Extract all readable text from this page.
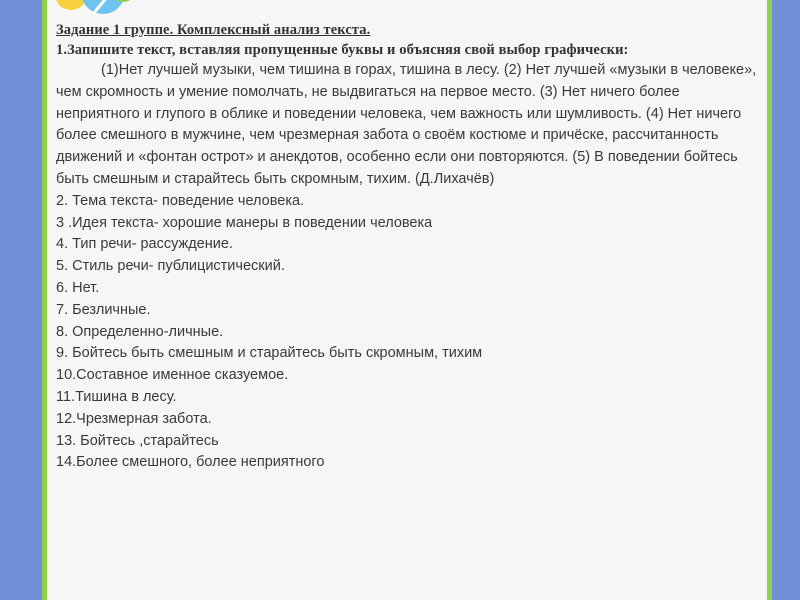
Задание 1 группе. Комплексный анализ текста.
1.Запишите текст, вставляя пропущенные буквы и объясняя свой выбор графически:

(1)Нет лучшей музыки, чем тишина в горах, тишина в лесу. (2) Нет лучшей «музыки в человеке», чем скромность и умение помолчать, не выдвигаться на первое место. (3) Нет ничего более неприятного и глупого в облике и поведении человека, чем важность или шумливость. (4) Нет ничего более смешного в мужчине, чем чрезмерная забота о своём костюме и причёске, рассчитанность движений и «фонтан острот» и анекдотов, особенно если они повторяются. (5) В поведении бойтесь быть смешным и старайтесь быть скромным, тихим. (Д.Лихачёв)

2. Тема текста- поведение человека.
3 .Идея текста- хорошие манеры в поведении человека
4. Тип речи- рассуждение.
5. Стиль речи- публицистический.
6. Нет.
7. Безличные.
8. Определенно-личные.
9. Бойтесь быть смешным и старайтесь быть скромным, тихим
10.Составное именное сказуемое.
11.Тишина в лесу.
12.Чрезмерная забота.
13. Бойтесь ,старайтесь
14.Более смешного, более неприятного
